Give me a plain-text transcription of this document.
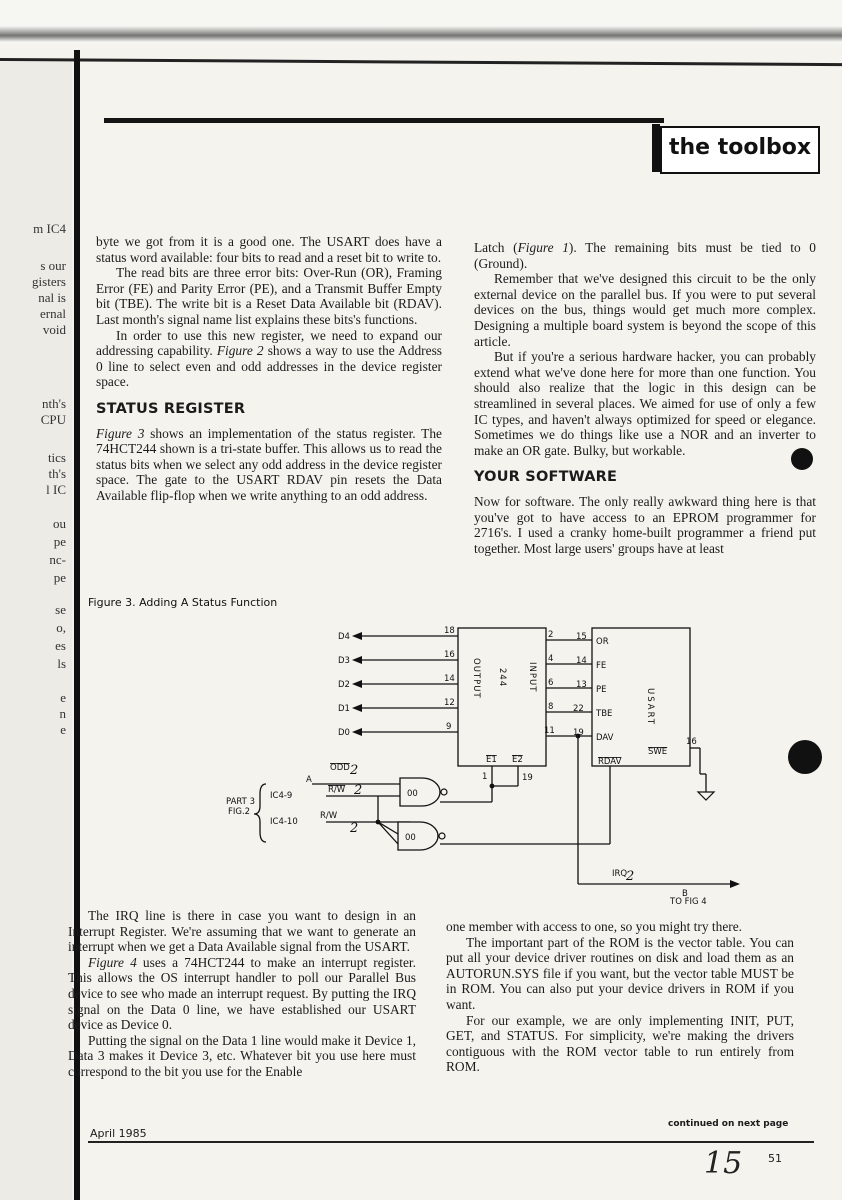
m IC4
s our
gisters
nal is
ernal
void
nth's
CPU
tics
th's
l IC
ou
pe
nc-
pe
se
o,
es
ls
e
n
e
the toolbox

byte we got from it is a good one. The USART does have a status word available: four bits to read and a reset bit to write to.

The read bits are three error bits: Over-Run (OR), Framing Error (FE) and Parity Error (PE), and a Transmit Buffer Empty bit (TBE). The write bit is a Reset Data Available bit (RDAV). Last month's signal name list explains these bits's functions.

In order to use this new register, we need to expand our addressing capability. Figure 2 shows a way to use the Address 0 line to select even and odd addresses in the device register space.

STATUS REGISTER

Figure 3 shows an implementation of the status register. The 74HCT244 shown is a tri-state buffer. This allows us to read the status bits when we select any odd address in the device register space. The gate to the USART RDAV pin resets the Data Available flip-flop when we write anything to an odd address.

Latch (Figure 1). The remaining bits must be tied to 0 (Ground).

Remember that we've designed this circuit to be the only external device on the parallel bus. If you were to put several devices on the bus, things would get much more complex. Designing a multiple board system is beyond the scope of this article.

But if you're a serious hardware hacker, you can probably extend what we've done here for more than one function. You should also realize that the logic in this design can be streamlined in several places. We aimed for use of only a few IC types, and haven't always optimized for speed or elegance. Sometimes we do things like use a NOR and an inverter to make an OR gate. Bulky, but workable.

YOUR SOFTWARE

Now for software. The only really awkward thing here is that you've got to have access to an EPROM programmer for 2716's. I used a cranky home-built programmer a friend put together. Most large users' groups have at least

Figure 3. Adding A Status Function
D4
D3
D2
D1
D0
18
16
14
12
9
2
4
6
8
11
15
14
13
22
19
OR
FE
PE
TBE
DAV
OUTPUT 244 INPUT
USART
E1 E2
1	19
SWE
16
RDAV
ODD
A
R/W
R/W
2
2
2
00
00
PART 3
FIG.2
IC4-9
IC4-10
IRQ
2
B
TO FIG 4

The IRQ line is there in case you want to design in an Interrupt Register. We're assuming that we want to generate an interrupt when we get a Data Available signal from the USART.

Figure 4 uses a 74HCT244 to make an interrupt register. This allows the OS interrupt handler to poll our Parallel Bus device to see who made an interrupt request. By putting the IRQ signal on the Data 0 line, we have established our USART device as Device 0.

Putting the signal on the Data 1 line would make it Device 1, Data 3 makes it Device 3, etc. Whatever bit you use here must correspond to the bit you use for the Enable

one member with access to one, so you might try there.

The important part of the ROM is the vector table. You can put all your device driver routines on disk and load them as an AUTORUN.SYS file if you want, but the vector table MUST be in ROM. You can also put your device drivers in ROM if you want.

For our example, we are only implementing INIT, PUT, GET, and STATUS. For simplicity, we're making the drivers contiguous with the ROM vector table to run entirely from ROM.

continued on next page
April 1985
15 51
